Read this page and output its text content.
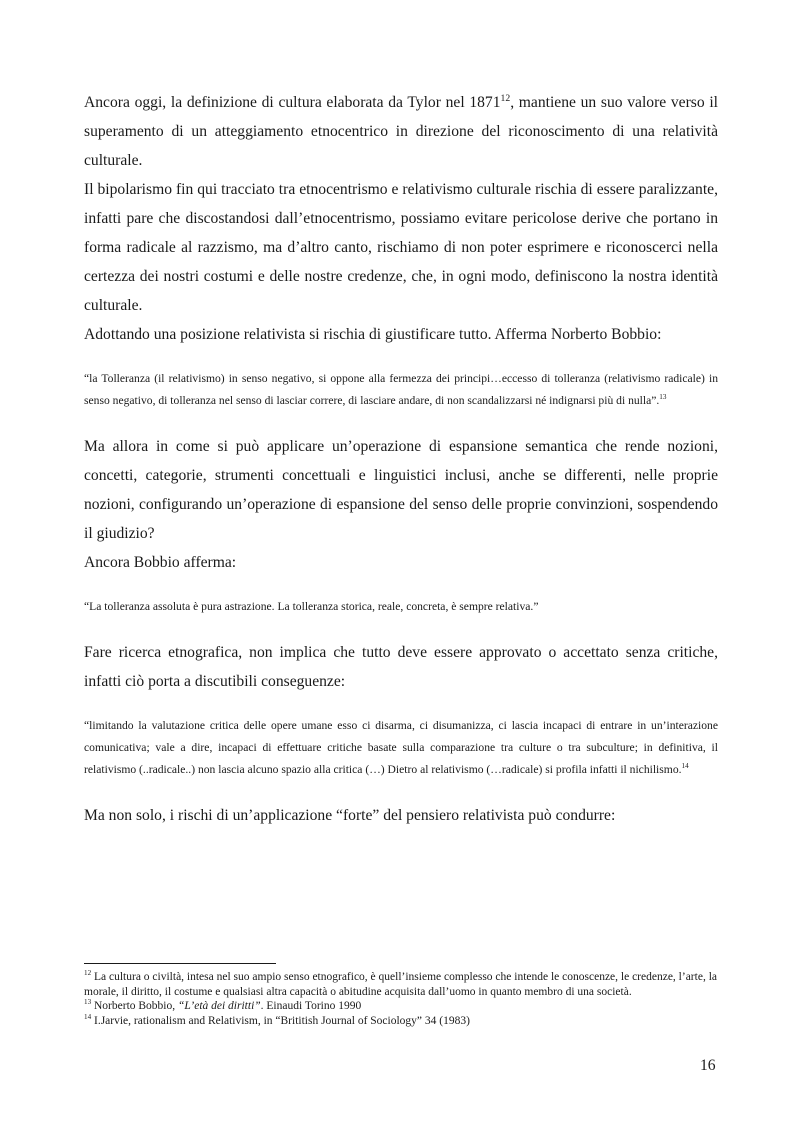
Ancora oggi, la definizione di cultura elaborata da Tylor nel 1871$^{12}$, mantiene un suo valore verso il superamento di un atteggiamento etnocentrico in direzione del riconoscimento di una relatività culturale.

Il bipolarismo fin qui tracciato tra etnocentrismo e relativismo culturale rischia di essere paralizzante, infatti pare che discostandosi dall’etnocentrismo, possiamo evitare pericolose derive che portano in forma radicale al razzismo, ma d’altro canto, rischiamo di non poter esprimere e riconoscerci nella certezza dei nostri costumi e delle nostre credenze, che, in ogni modo, definiscono la nostra identità culturale.

Adottando una posizione relativista si rischia di giustificare tutto. Afferma Norberto Bobbio:

“la Tolleranza (il relativismo) in senso negativo, si oppone alla fermezza dei principi…eccesso di tolleranza (relativismo radicale) in senso negativo, di tolleranza nel senso di lasciar correre, di lasciare andare, di non scandalizzarsi né indignarsi più di nulla”.$^{13}$

Ma allora in come si può applicare un’operazione di espansione semantica che rende nozioni, concetti, categorie, strumenti concettuali e linguistici inclusi, anche se differenti, nelle proprie nozioni, configurando un’operazione di espansione del senso delle proprie convinzioni, sospendendo il giudizio?

Ancora Bobbio afferma:

“La tolleranza assoluta è pura astrazione. La tolleranza storica, reale, concreta, è sempre relativa.”

Fare ricerca etnografica, non implica che tutto deve essere approvato o accettato senza critiche, infatti ciò porta a discutibili conseguenze:

“limitando la valutazione critica delle opere umane esso ci disarma, ci disumanizza, ci lascia incapaci di entrare in un’interazione comunicativa; vale a dire, incapaci di effettuare critiche basate sulla comparazione tra culture o tra subculture; in definitiva, il relativismo (..radicale..) non lascia alcuno spazio alla critica (…) Dietro al relativismo (…radicale) si profila infatti il nichilismo.$^{14}$

Ma non solo, i rischi di un’applicazione “forte” del pensiero relativista può condurre:

$^{12}$ La cultura o civiltà, intesa nel suo ampio senso etnografico, è quell’insieme complesso che intende le conoscenze, le credenze, l’arte, la morale, il diritto, il costume e qualsiasi altra capacità o abitudine acquisita dall’uomo in quanto membro di una società.

$^{13}$ Norberto Bobbio, “L’età dei diritti”. Einaudi Torino 1990

$^{14}$ I.Jarvie, rationalism and Relativism, in “Brititish Journal of Sociology” 34 (1983)

16
